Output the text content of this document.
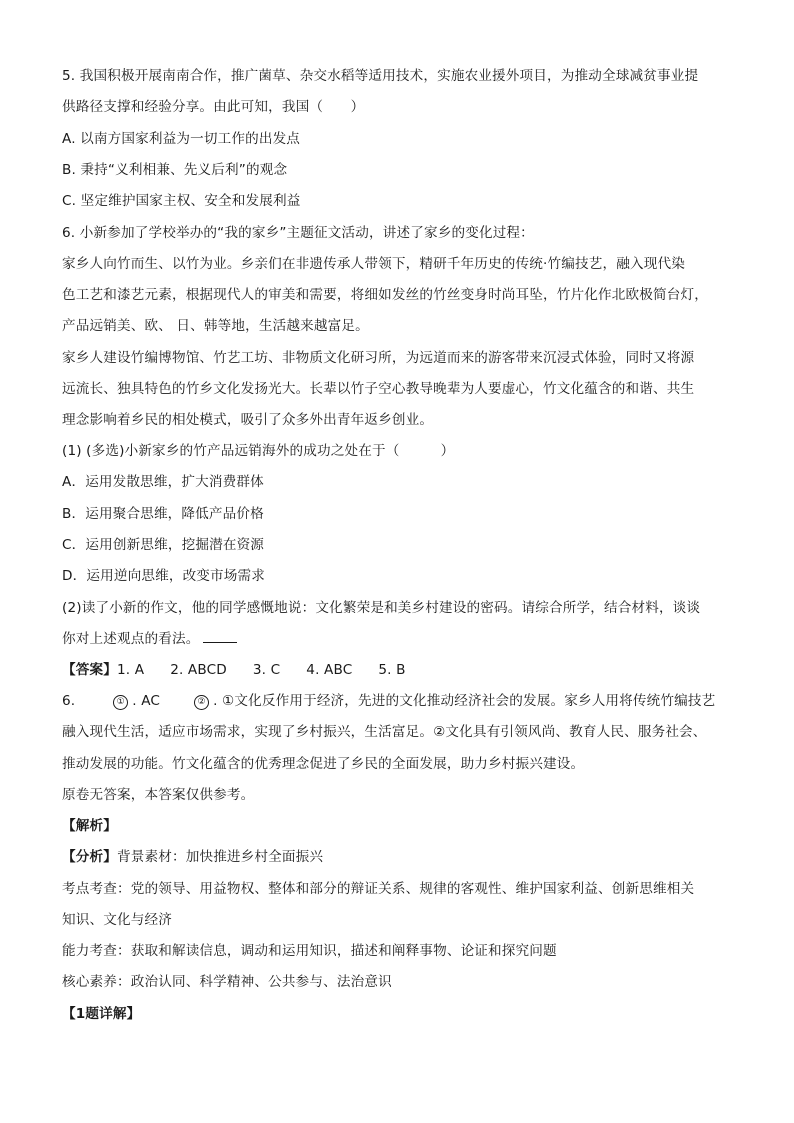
5. 我国积极开展南南合作，推广菌草、杂交水稻等适用技术，实施农业援外项目，为推动全球减贫事业提
供路径支撑和经验分享。由此可知，我国（　　）
A. 以南方国家利益为一切工作的出发点
B. 秉持“义利相兼、先义后利”的观念
C. 坚定维护国家主权、安全和发展利益
6. 小新参加了学校举办的“我的家乡”主题征文活动，讲述了家乡的变化过程：
家乡人向竹而生、以竹为业。乡亲们在非遗传承人带领下，精研千年历史的传统·竹编技艺，融入现代染
色工艺和漆艺元素，根据现代人的审美和需要，将细如发丝的竹丝变身时尚耳坠，竹片化作北欧极简台灯，
产品远销美、欧、 日、韩等地，生活越来越富足。
家乡人建设竹编博物馆、竹艺工坊、非物质文化研习所，为远道而来的游客带来沉浸式体验，同时又将源
远流长、独具特色的竹乡文化发扬光大。长辈以竹子空心教导晚辈为人要虚心，竹文化蕴含的和谐、共生
理念影响着乡民的相处模式，吸引了众多外出青年返乡创业。
(1) (多选)小新家乡的竹产品远销海外的成功之处在于（　　　）
A．运用发散思维，扩大消费群体
B．运用聚合思维，降低产品价格
C．运用创新思维，挖掘潜在资源
D．运用逆向思维，改变市场需求
(2)读了小新的作文，他的同学感慨地说：文化繁荣是和美乡村建设的密码。请综合所学，结合材料，谈谈
你对上述观点的看法。
【答案】1. A 2. ABCD 3. C 4. ABC 5. B
6.	① . AC	② . ①文化反作用于经济，先进的文化推动经济社会的发展。家乡人用将传统竹编技艺
融入现代生活，适应市场需求，实现了乡村振兴，生活富足。②文化具有引领风尚、教育人民、服务社会、
推动发展的功能。竹文化蕴含的优秀理念促进了乡民的全面发展，助力乡村振兴建设。
原卷无答案，本答案仅供参考。
【解析】
【分析】背景素材：加快推进乡村全面振兴
考点考查：党的领导、用益物权、整体和部分的辩证关系、规律的客观性、维护国家利益、创新思维相关
知识、文化与经济
能力考查：获取和解读信息，调动和运用知识，描述和阐释事物、论证和探究问题
核心素养：政治认同、科学精神、公共参与、法治意识
【1题详解】
